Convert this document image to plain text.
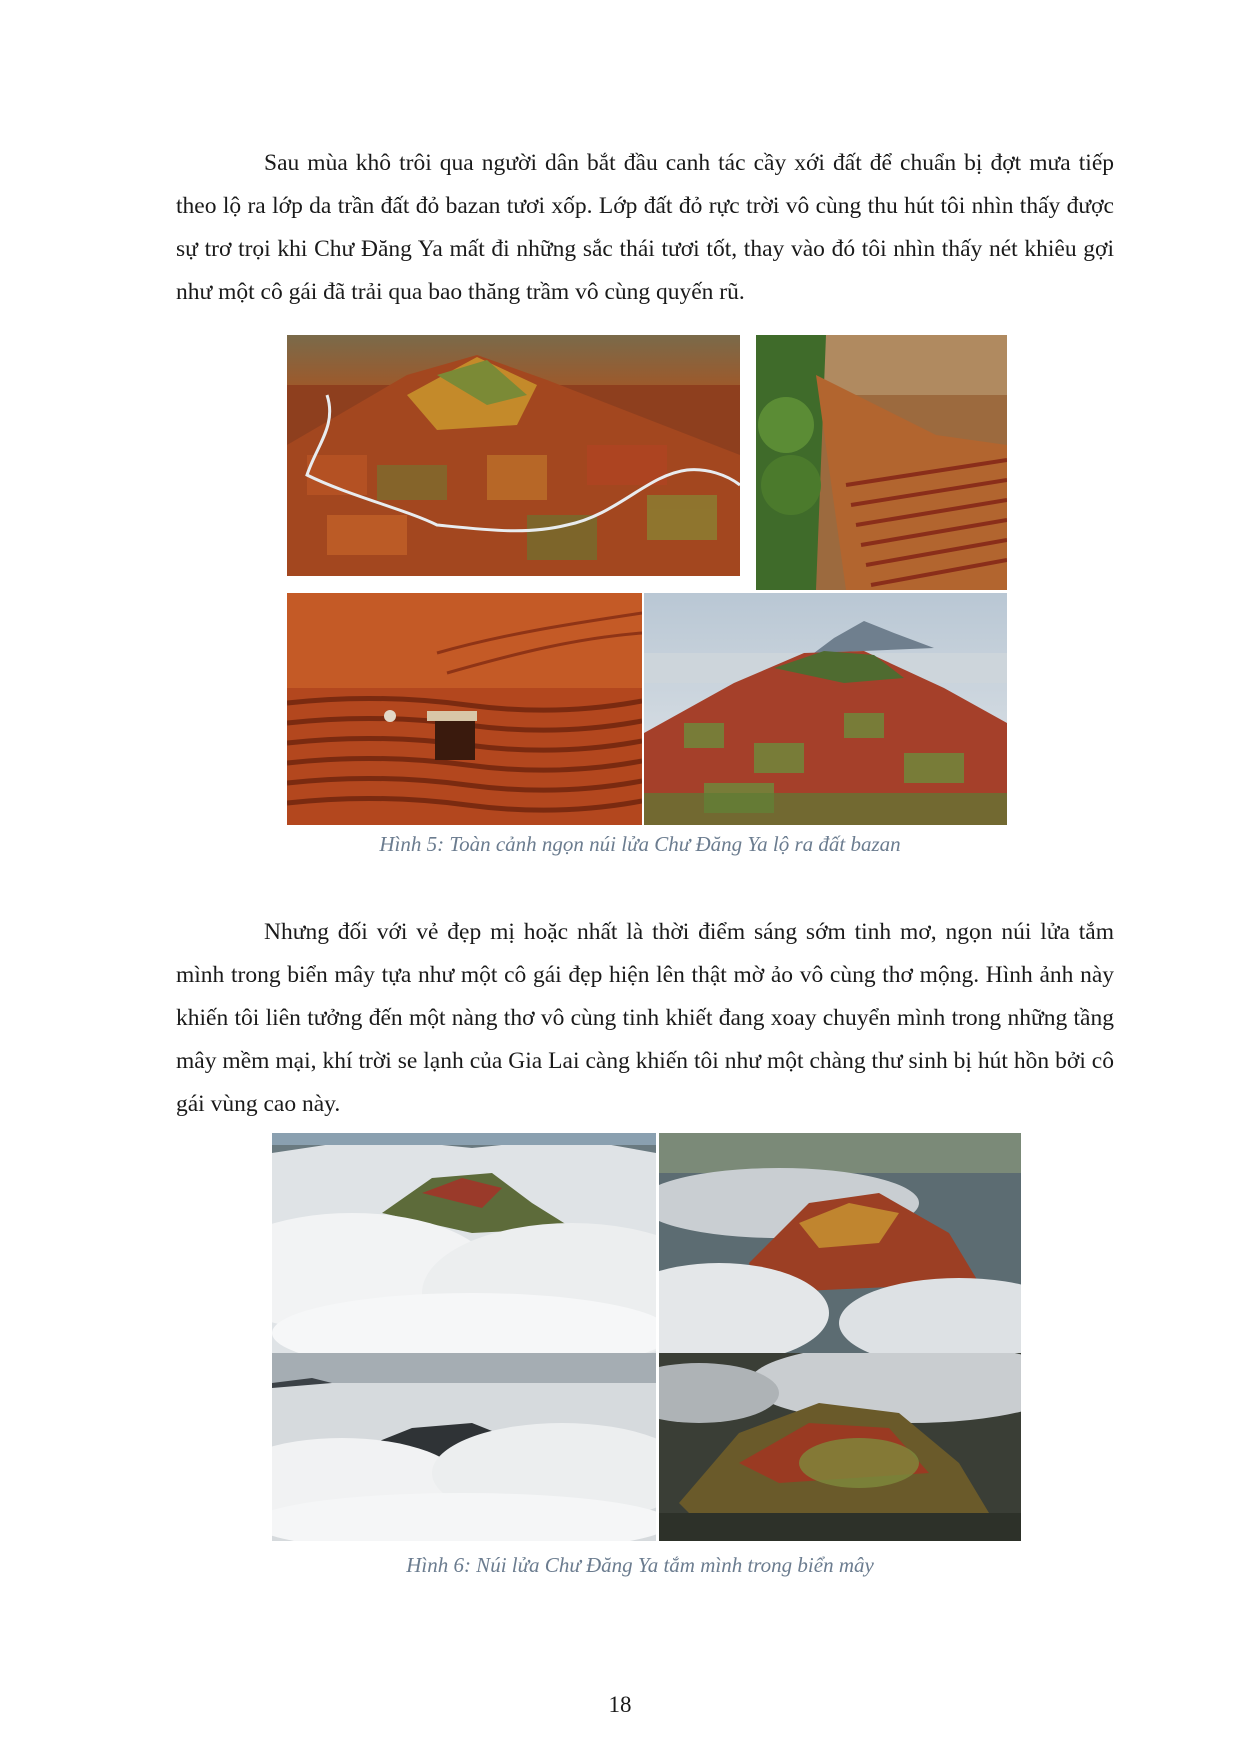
Sau mùa khô trôi qua người dân bắt đầu canh tác cầy xới đất để chuẩn bị đợt mưa tiếp theo lộ ra lớp da trần đất đỏ bazan tươi xốp. Lớp đất đỏ rực trời vô cùng thu hút tôi nhìn thấy được sự trơ trọi khi Chư Đăng Ya mất đi những sắc thái tươi tốt, thay vào đó tôi nhìn thấy nét khiêu gợi như một cô gái đã trải qua bao thăng trầm vô cùng quyến rũ.

Hình 5: Toàn cảnh ngọn núi lửa Chư Đăng Ya lộ ra đất bazan

Nhưng đối với vẻ đẹp mị hoặc nhất là thời điểm sáng sớm tinh mơ, ngọn núi lửa tắm mình trong biển mây tựa như một cô gái đẹp hiện lên thật mờ ảo vô cùng thơ mộng. Hình ảnh này khiến tôi liên tưởng đến một nàng thơ vô cùng tinh khiết đang xoay chuyển mình trong những tầng mây mềm mại, khí trời se lạnh của Gia Lai càng khiến tôi như một chàng thư sinh bị hút hồn bởi cô gái vùng cao này.

Hình 6: Núi lửa Chư Đăng Ya tắm mình trong biển mây
18
